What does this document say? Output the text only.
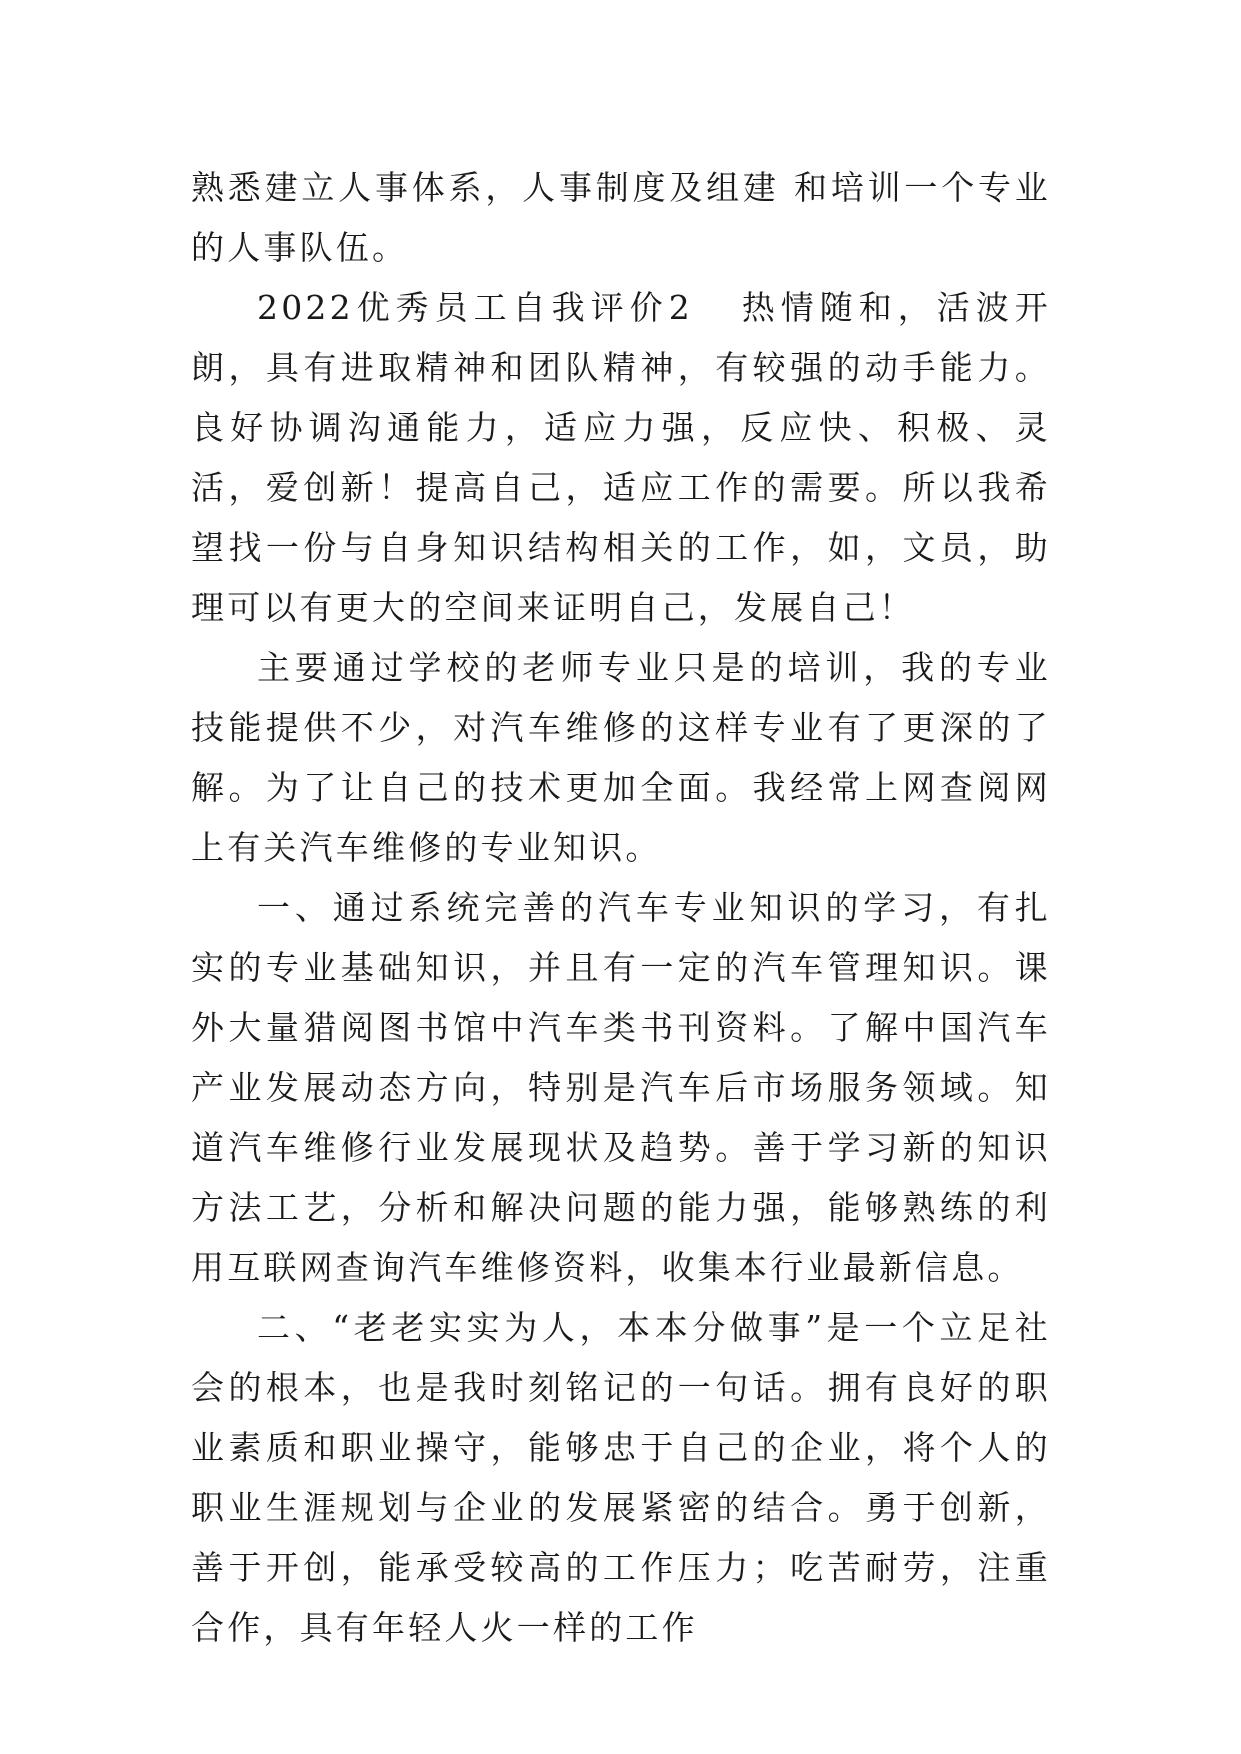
熟悉建立人事体系，人事制度及组建 和培训一个专业的人事队伍。

2022优秀员工自我评价2 热情随和，活波开朗，具有进取精神和团队精神，有较强的动手能力。良好协调沟通能力，适应力强，反应快、积极、灵活，爱创新！提高自己，适应工作的需要。所以我希望找一份与自身知识结构相关的工作，如，文员，助理可以有更大的空间来证明自己，发展自己！

主要通过学校的老师专业只是的培训，我的专业技能提供不少，对汽车维修的这样专业有了更深的了解。为了让自己的技术更加全面。我经常上网查阅网上有关汽车维修的专业知识。

一、通过系统完善的汽车专业知识的学习，有扎实的专业基础知识，并且有一定的汽车管理知识。课外大量猎阅图书馆中汽车类书刊资料。了解中国汽车产业发展动态方向，特别是汽车后市场服务领域。知道汽车维修行业发展现状及趋势。善于学习新的知识方法工艺，分析和解决问题的能力强，能够熟练的利用互联网查询汽车维修资料，收集本行业最新信息。

二、“老老实实为人，本本分做事”是一个立足社会的根本，也是我时刻铭记的一句话。拥有良好的职业素质和职业操守，能够忠于自己的企业，将个人的职业生涯规划与企业的发展紧密的结合。勇于创新，善于开创，能承受较高的工作压力；吃苦耐劳，注重合作，具有年轻人火一样的工作
